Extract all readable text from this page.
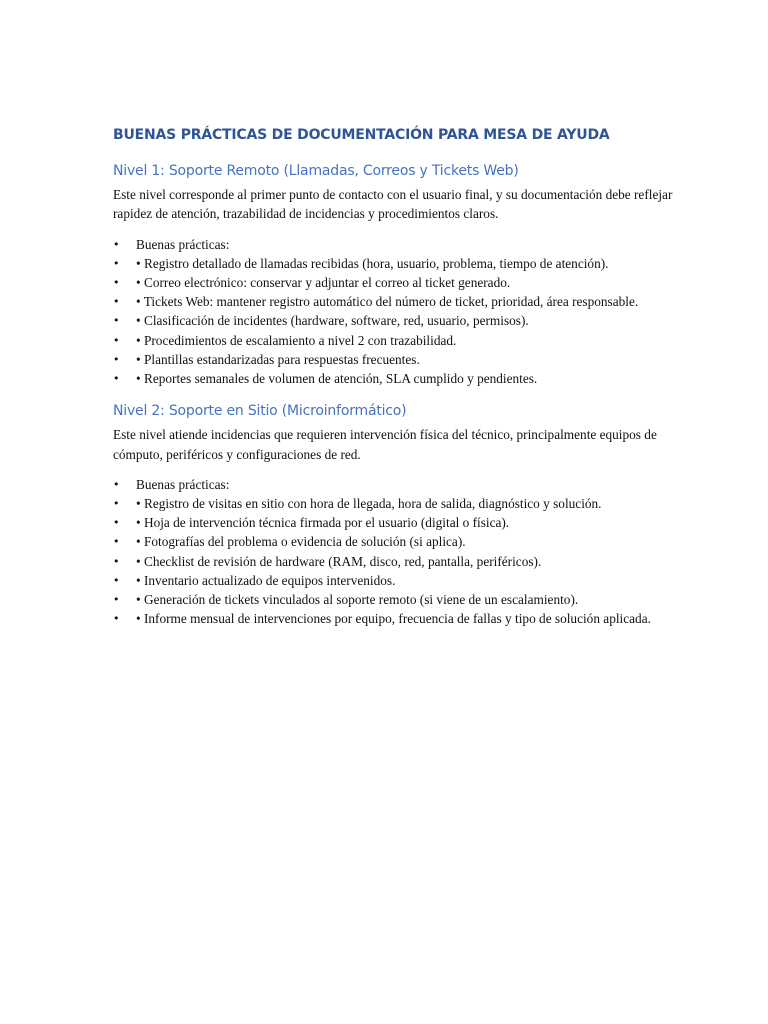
BUENAS PRÁCTICAS DE DOCUMENTACIÓN PARA MESA DE AYUDA
Nivel 1: Soporte Remoto (Llamadas, Correos y Tickets Web)

Este nivel corresponde al primer punto de contacto con el usuario final, y su documentación debe reflejar rapidez de atención, trazabilidad de incidencias y procedimientos claros.

• Buenas prácticas:
• • Registro detallado de llamadas recibidas (hora, usuario, problema, tiempo de atención).
• • Correo electrónico: conservar y adjuntar el correo al ticket generado.
• • Tickets Web: mantener registro automático del número de ticket, prioridad, área responsable.
• • Clasificación de incidentes (hardware, software, red, usuario, permisos).
• • Procedimientos de escalamiento a nivel 2 con trazabilidad.
• • Plantillas estandarizadas para respuestas frecuentes.
• • Reportes semanales de volumen de atención, SLA cumplido y pendientes.
Nivel 2: Soporte en Sitio (Microinformático)

Este nivel atiende incidencias que requieren intervención física del técnico, principalmente equipos de cómputo, periféricos y configuraciones de red.

• Buenas prácticas:
• • Registro de visitas en sitio con hora de llegada, hora de salida, diagnóstico y solución.
• • Hoja de intervención técnica firmada por el usuario (digital o física).
• • Fotografías del problema o evidencia de solución (si aplica).
• • Checklist de revisión de hardware (RAM, disco, red, pantalla, periféricos).
• • Inventario actualizado de equipos intervenidos.
• • Generación de tickets vinculados al soporte remoto (si viene de un escalamiento).
• • Informe mensual de intervenciones por equipo, frecuencia de fallas y tipo de solución aplicada.
